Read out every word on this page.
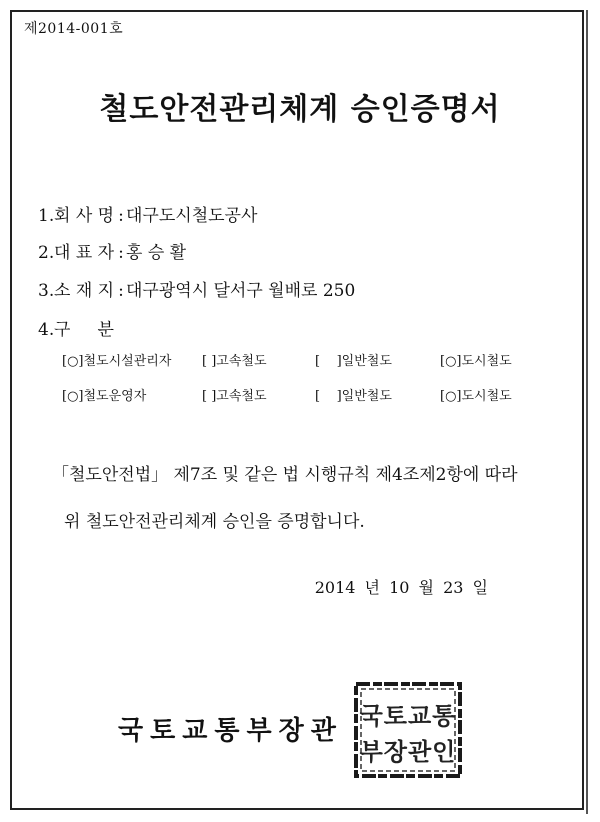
제2014-001호
철도안전관리체계 승인증명서
1.회 사 명 : 대구도시철도공사
2.대 표 자 : 홍 승 활
3.소 재 지 : 대구광역시 달서구 월배로 250
4.구     분
[○]철도시설관리자 [ ]고속철도	[    ]일반철도	[○]도시철도
[○]철도운영자	[ ]고속철도	[    ]일반철도	[○]도시철도
「철도안전법」 제7조 및 같은 법 시행규칙 제4조제2항에 따라
위 철도안전관리체계 승인을 증명합니다.
2014 년 10 월 23 일
국토교통부장관 국토교통
부장관인
